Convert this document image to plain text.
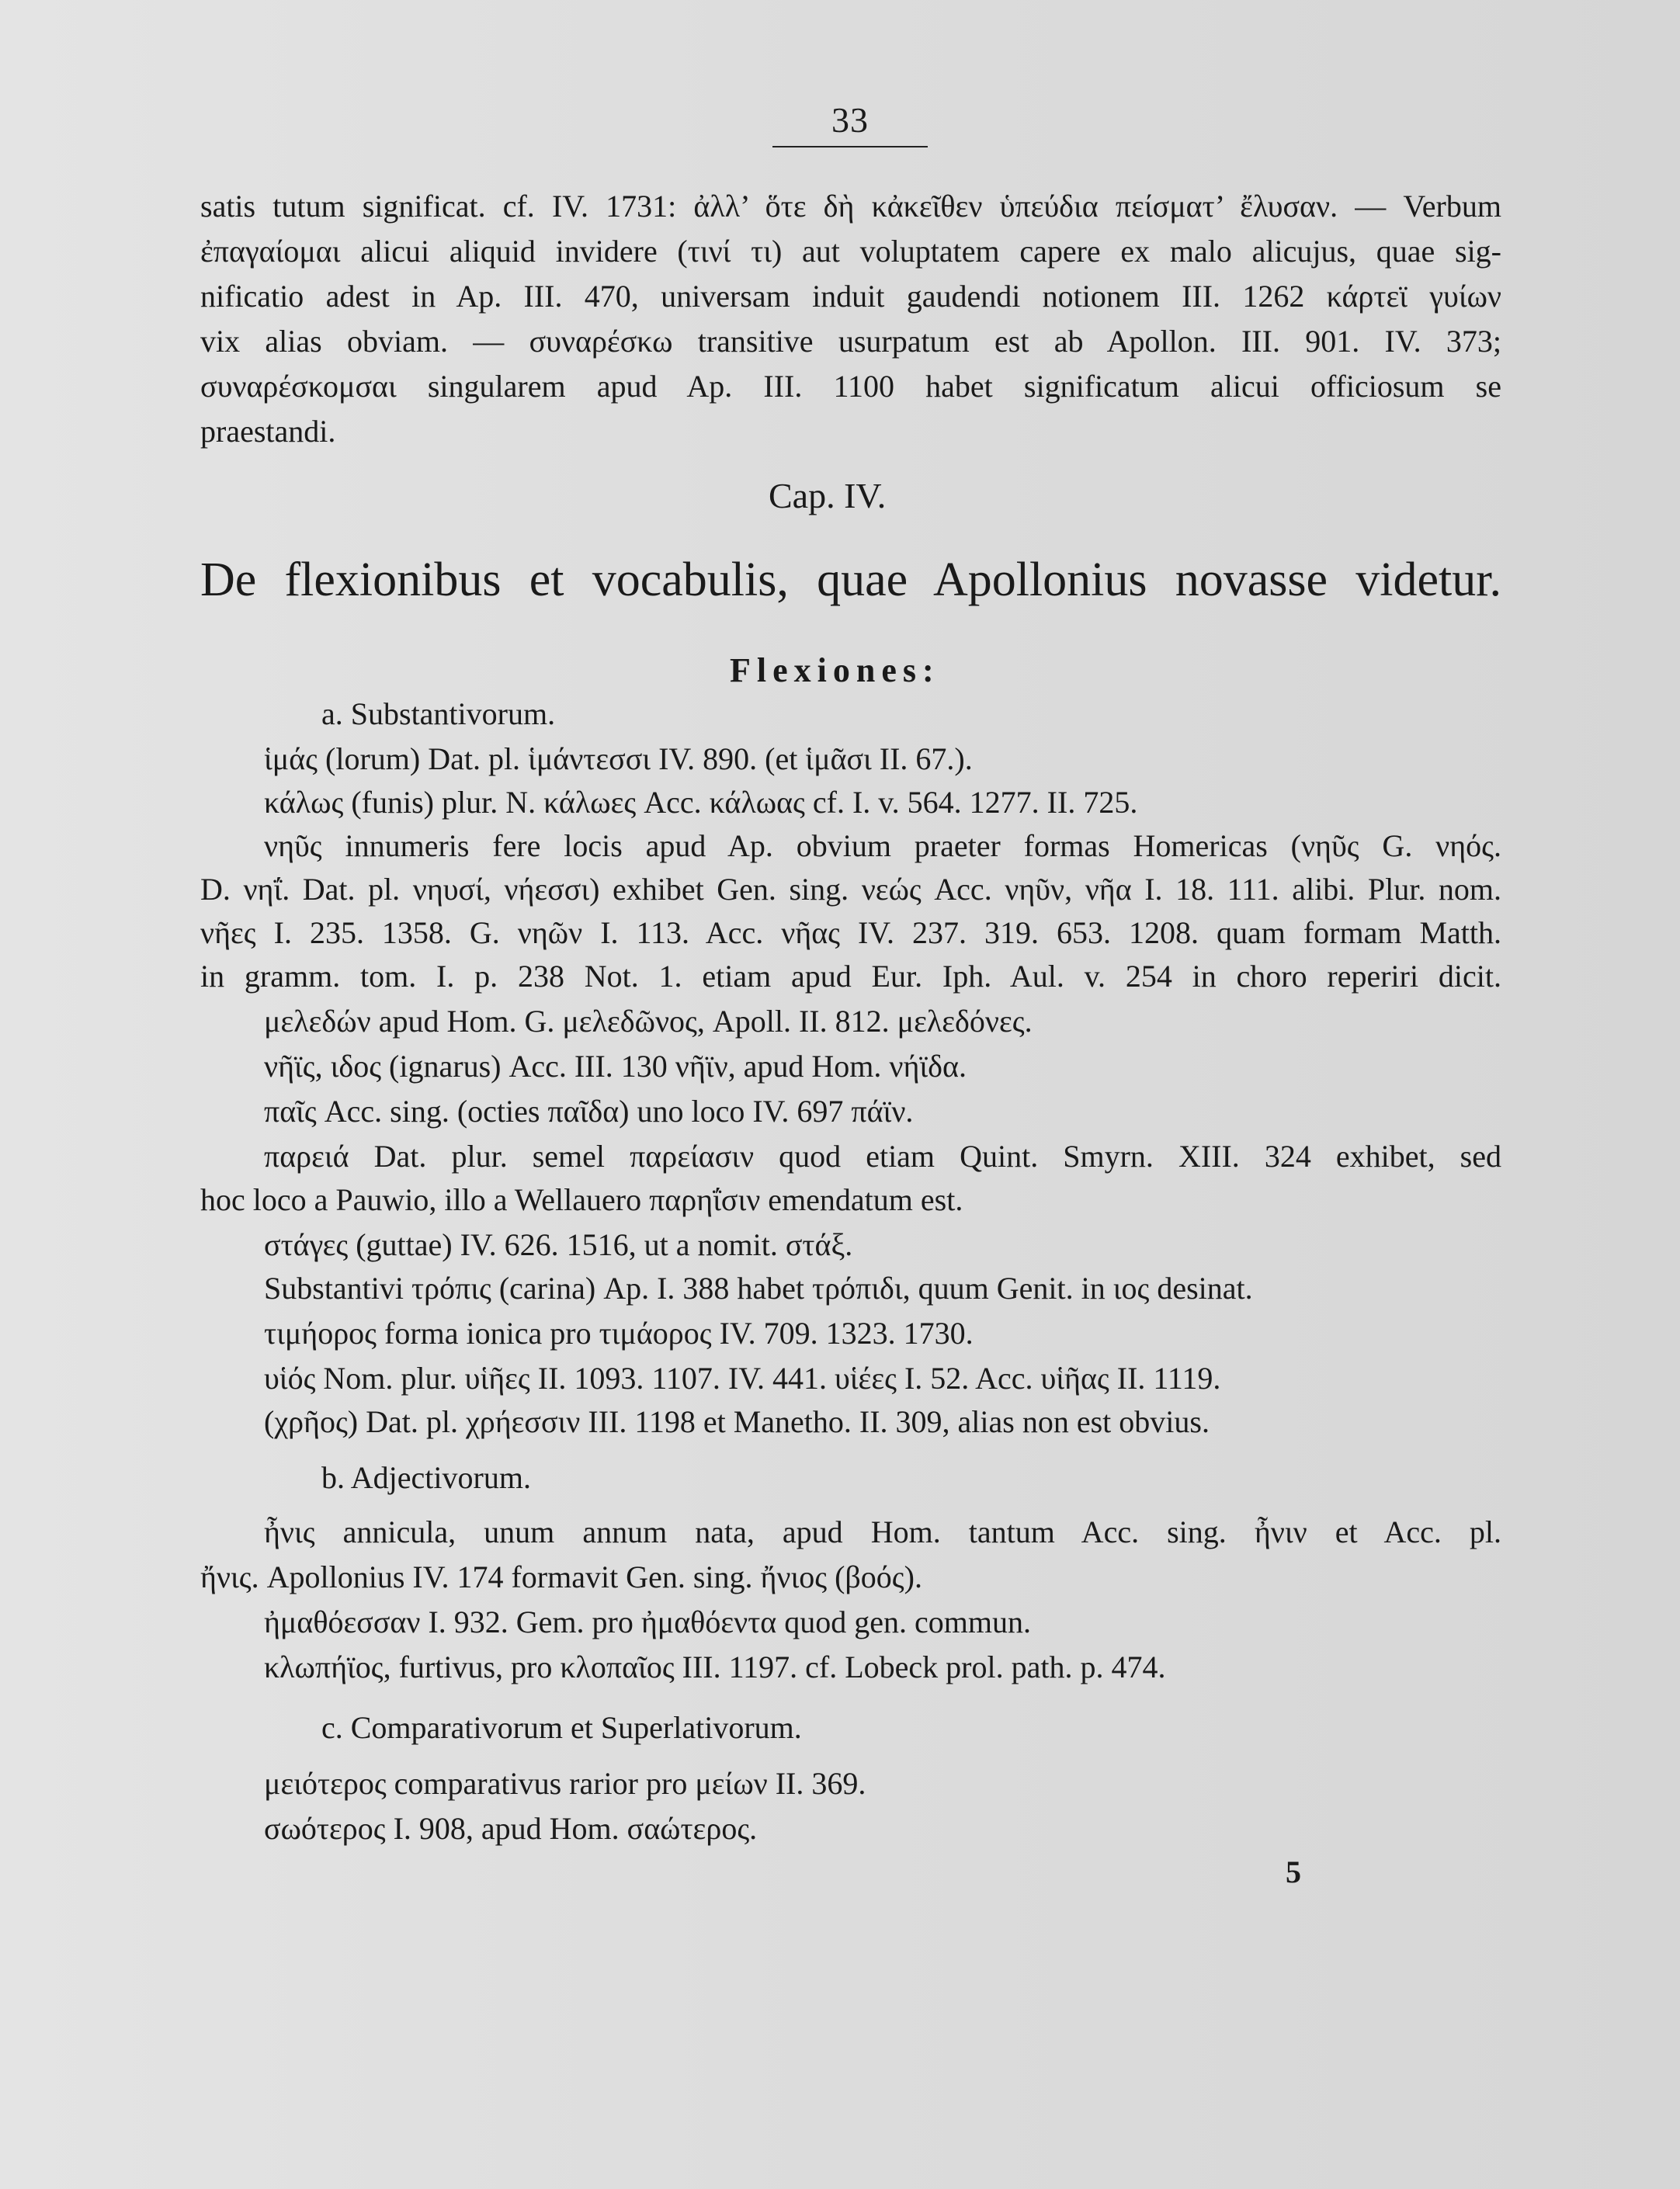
33
satis tutum significat. cf. IV. 1731: ἀλλ’ ὅτε δὴ κἀκεῖθεν ὑπεύδια πείσματ’ ἔλυσαν. — Verbum
ἐπαγαίομαι alicui aliquid invidere (τινί τι) aut voluptatem capere ex malo alicujus, quae sig-
nificatio adest in Ap. III. 470, universam induit gaudendi notionem III. 1262 κάρτεϊ γυίων
vix alias obviam. — συναρέσκω transitive usurpatum est ab Apollon. III. 901. IV. 373;
συναρέσκομσαι singularem apud Ap. III. 1100 habet significatum alicui officiosum se
praestandi.
Cap. IV.
De flexionibus et vocabulis, quae Apollonius novasse videtur.
Flexiones:
a. Substantivorum.
ἱμάς (lorum) Dat. pl. ἱμάντεσσι IV. 890. (et ἱμᾶσι II. 67.).
κάλως (funis) plur. N. κάλωες Acc. κάλωας cf. I. v. 564. 1277. II. 725.
νηῦς innumeris fere locis apud Ap. obvium praeter formas Homericas (νηῦς G. νηός.
D. νηΐ. Dat. pl. νηυσί, νήεσσι) exhibet Gen. sing. νεώς Acc. νηῦν, νῆα I. 18. 111. alibi. Plur. nom.
νῆες I. 235. 1358. G. νηῶν I. 113. Acc. νῆας IV. 237. 319. 653. 1208. quam formam Matth.
in gramm. tom. I. p. 238 Not. 1. etiam apud Eur. Iph. Aul. v. 254 in choro reperiri dicit.
μελεδών apud Hom. G. μελεδῶνος, Apoll. II. 812. μελεδόνες.
νῆϊς, ιδος (ignarus) Acc. III. 130 νῆϊν, apud Hom. νήϊδα.
παῖς Acc. sing. (octies παῖδα) uno loco IV. 697 πάϊν.
παρειά Dat. plur. semel παρείασιν quod etiam Quint. Smyrn. XIII. 324 exhibet, sed
hoc loco a Pauwio, illo a Wellauero παρηΐσιν emendatum est.
στάγες (guttae) IV. 626. 1516, ut a nomit. στάξ.
Substantivi τρόπις (carina) Ap. I. 388 habet τρόπιδι, quum Genit. in ιος desinat.
τιμήορος forma ionica pro τιμάορος IV. 709. 1323. 1730.
υἱός Nom. plur. υἱῆες II. 1093. 1107. IV. 441. υἱέες I. 52. Acc. υἱῆας II. 1119.
(χρῆος) Dat. pl. χρήεσσιν III. 1198 et Manetho. II. 309, alias non est obvius.
b. Adjectivorum.
ἦνις annicula, unum annum nata, apud Hom. tantum Acc. sing. ἦνιν et Acc. pl.
ἤνις. Apollonius IV. 174 formavit Gen. sing. ἤνιος (βοός).
ἠμαθόεσσαν I. 932. Gem. pro ἠμαθόεντα quod gen. commun.
κλωπήϊος, furtivus, pro κλοπαῖος III. 1197. cf. Lobeck prol. path. p. 474.
c. Comparativorum et Superlativorum.
μειότερος comparativus rarior pro μείων II. 369.
σωότερος I. 908, apud Hom. σαώτερος.
5
